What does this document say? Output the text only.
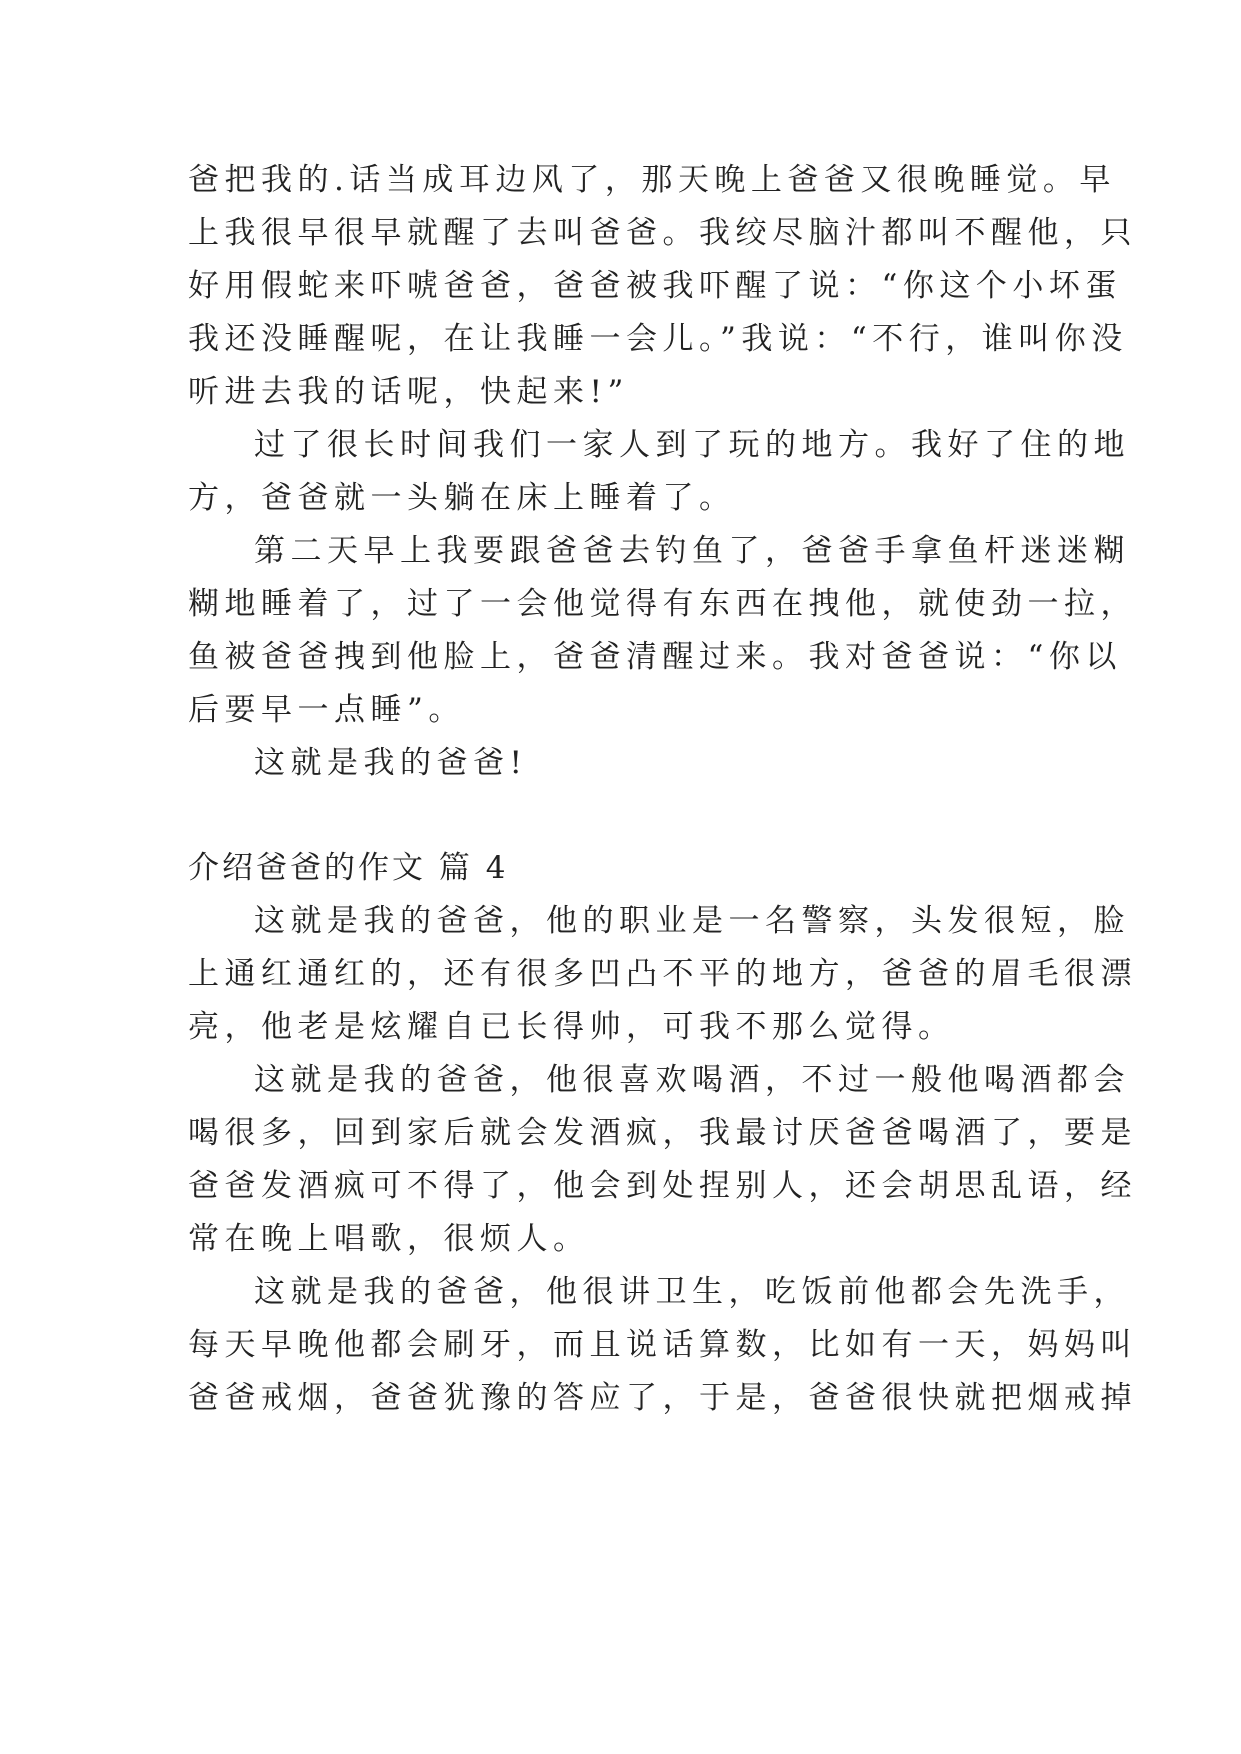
爸把我的.话当成耳边风了，那天晚上爸爸又很晚睡觉。早
上我很早很早就醒了去叫爸爸。我绞尽脑汁都叫不醒他，只
好用假蛇来吓唬爸爸，爸爸被我吓醒了说：“你这个小坏蛋
我还没睡醒呢，在让我睡一会儿。”我说：“不行，谁叫你没
听进去我的话呢，快起来!”
过了很长时间我们一家人到了玩的地方。我好了住的地
方，爸爸就一头躺在床上睡着了。
第二天早上我要跟爸爸去钓鱼了，爸爸手拿鱼杆迷迷糊
糊地睡着了，过了一会他觉得有东西在拽他，就使劲一拉，
鱼被爸爸拽到他脸上，爸爸清醒过来。我对爸爸说：“你以
后要早一点睡”。
这就是我的爸爸!
介绍爸爸的作文 篇 4
这就是我的爸爸，他的职业是一名警察，头发很短，脸
上通红通红的，还有很多凹凸不平的地方，爸爸的眉毛很漂
亮，他老是炫耀自已长得帅，可我不那么觉得。
这就是我的爸爸，他很喜欢喝酒，不过一般他喝酒都会
喝很多，回到家后就会发酒疯，我最讨厌爸爸喝酒了，要是
爸爸发酒疯可不得了，他会到处捏别人，还会胡思乱语，经
常在晚上唱歌，很烦人。
这就是我的爸爸，他很讲卫生，吃饭前他都会先洗手，
每天早晚他都会刷牙，而且说话算数，比如有一天，妈妈叫
爸爸戒烟，爸爸犹豫的答应了，于是，爸爸很快就把烟戒掉
